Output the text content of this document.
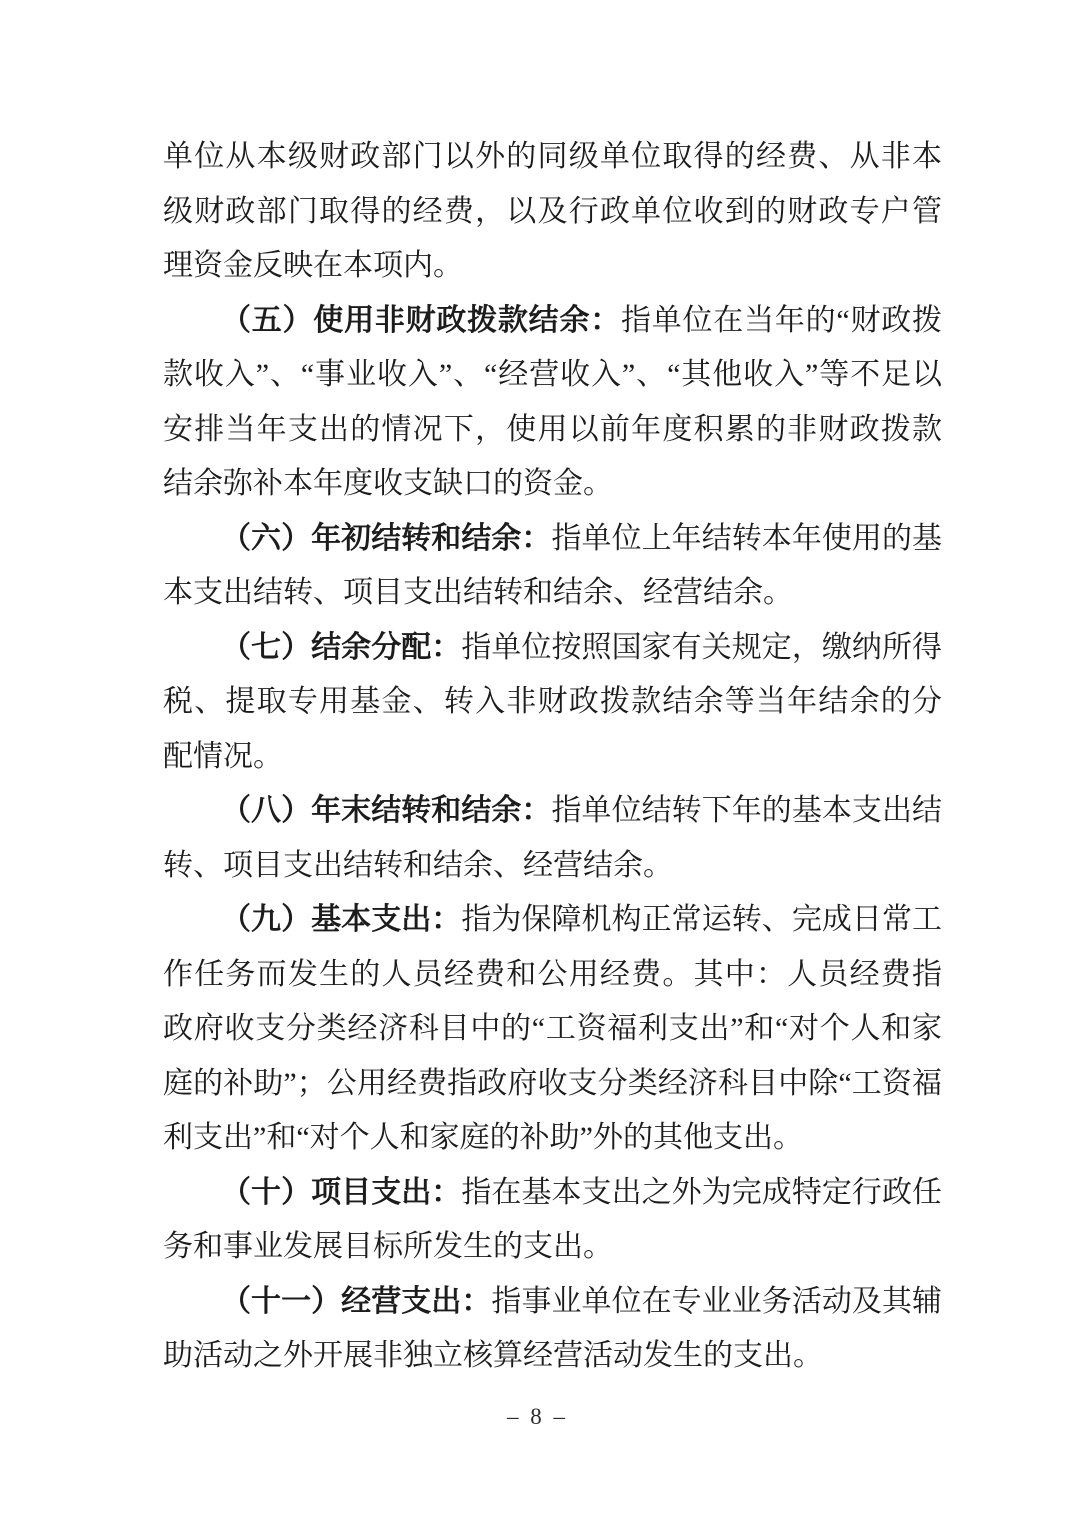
单位从本级财政部门以外的同级单位取得的经费、从非本级财政部门取得的经费，以及行政单位收到的财政专户管理资金反映在本项内。

（五）使用非财政拨款结余：指单位在当年的“财政拨款收入”、“事业收入”、“经营收入”、“其他收入”等不足以安排当年支出的情况下，使用以前年度积累的非财政拨款结余弥补本年度收支缺口的资金。

（六）年初结转和结余：指单位上年结转本年使用的基本支出结转、项目支出结转和结余、经营结余。

（七）结余分配：指单位按照国家有关规定，缴纳所得税、提取专用基金、转入非财政拨款结余等当年结余的分配情况。

（八）年末结转和结余：指单位结转下年的基本支出结转、项目支出结转和结余、经营结余。

（九）基本支出：指为保障机构正常运转、完成日常工作任务而发生的人员经费和公用经费。其中：人员经费指政府收支分类经济科目中的“工资福利支出”和“对个人和家庭的补助”；公用经费指政府收支分类经济科目中除“工资福利支出”和“对个人和家庭的补助”外的其他支出。

（十）项目支出：指在基本支出之外为完成特定行政任务和事业发展目标所发生的支出。

（十一）经营支出：指事业单位在专业业务活动及其辅助活动之外开展非独立核算经营活动发生的支出。

– 8 –
